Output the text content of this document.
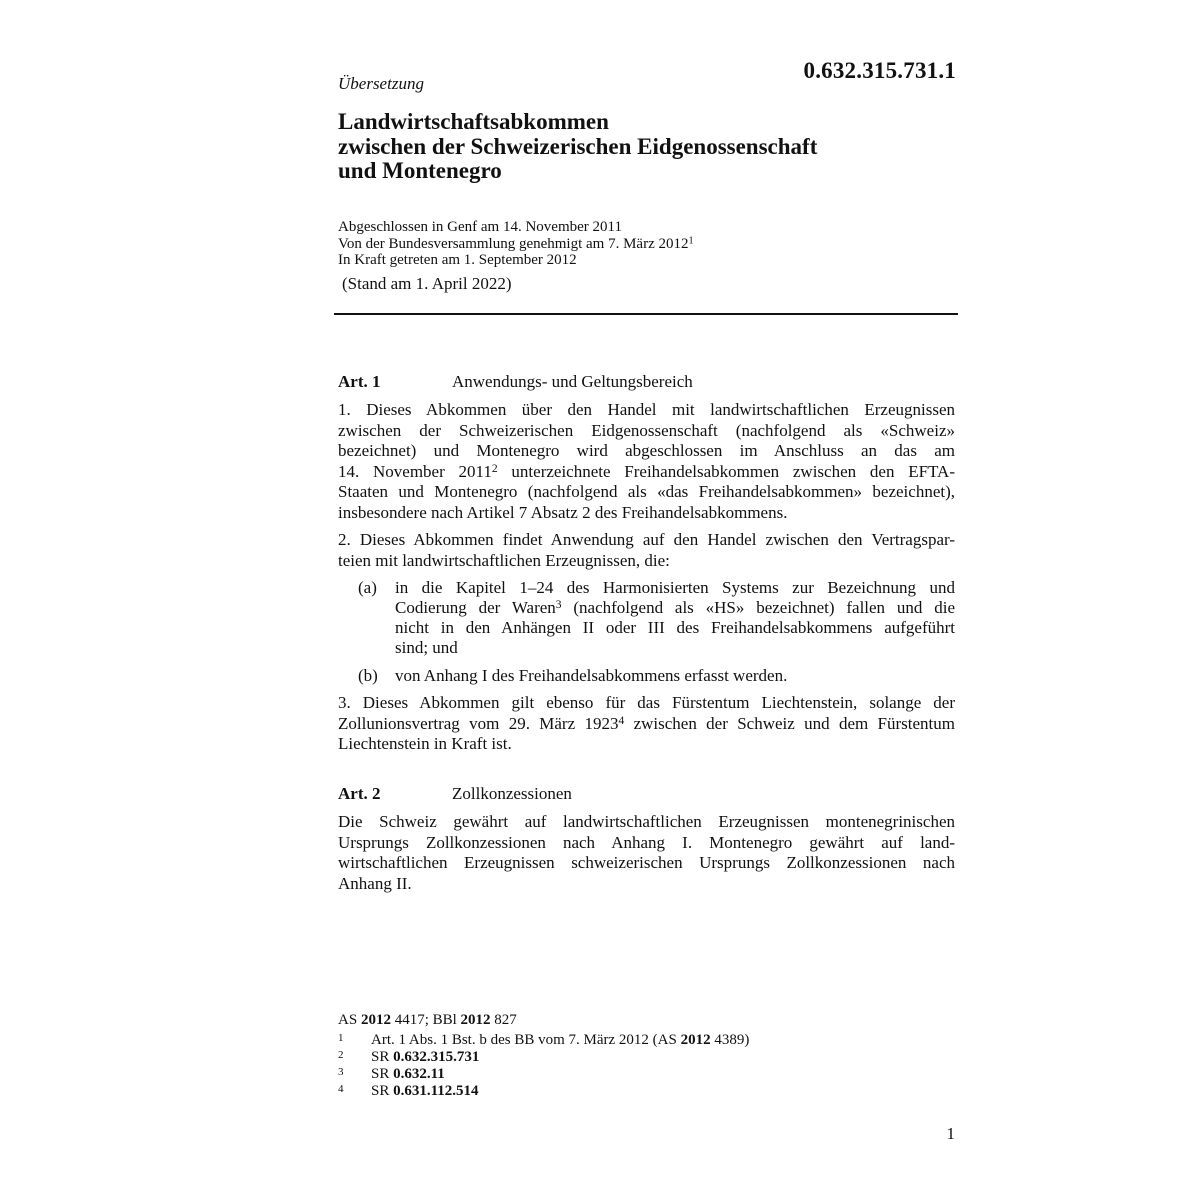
0.632.315.731.1
Übersetzung
Landwirtschaftsabkommen
zwischen der Schweizerischen Eidgenossenschaft
und Montenegro
Abgeschlossen in Genf am 14. November 2011
Von der Bundesversammlung genehmigt am 7. März 2012$^1$
In Kraft getreten am 1. September 2012
(Stand am 1. April 2022)
Art. 1	Anwendungs- und Geltungsbereich
1. Dieses Abkommen über den Handel mit landwirtschaftlichen Erzeugnissen
zwischen der Schweizerischen Eidgenossenschaft (nachfolgend als «Schweiz»
bezeichnet) und Montenegro wird abgeschlossen im Anschluss an das am
14. November 2011$^2$ unterzeichnete Freihandelsabkommen zwischen den EFTA-
Staaten und Montenegro (nachfolgend als «das Freihandelsabkommen» bezeichnet),
insbesondere nach Artikel 7 Absatz 2 des Freihandelsabkommens.
2. Dieses Abkommen findet Anwendung auf den Handel zwischen den Vertragspar-
teien mit landwirtschaftlichen Erzeugnissen, die:
(a) in die Kapitel 1–24 des Harmonisierten Systems zur Bezeichnung und
Codierung der Waren$^3$ (nachfolgend als «HS» bezeichnet) fallen und die
nicht in den Anhängen II oder III des Freihandelsabkommens aufgeführt
sind; und
(b) von Anhang I des Freihandelsabkommens erfasst werden.
3. Dieses Abkommen gilt ebenso für das Fürstentum Liechtenstein, solange der
Zollunionsvertrag vom 29. März 1923$^4$ zwischen der Schweiz und dem Fürstentum
Liechtenstein in Kraft ist.
Art. 2	Zollkonzessionen
Die Schweiz gewährt auf landwirtschaftlichen Erzeugnissen montenegrinischen
Ursprungs Zollkonzessionen nach Anhang I. Montenegro gewährt auf land-
wirtschaftlichen Erzeugnissen schweizerischen Ursprungs Zollkonzessionen nach
Anhang II.
AS 2012 4417; BBl 2012 827
1 Art. 1 Abs. 1 Bst. b des BB vom 7. März 2012 (AS 2012 4389)
2 SR 0.632.315.731
3 SR 0.632.11
4 SR 0.631.112.514
1
